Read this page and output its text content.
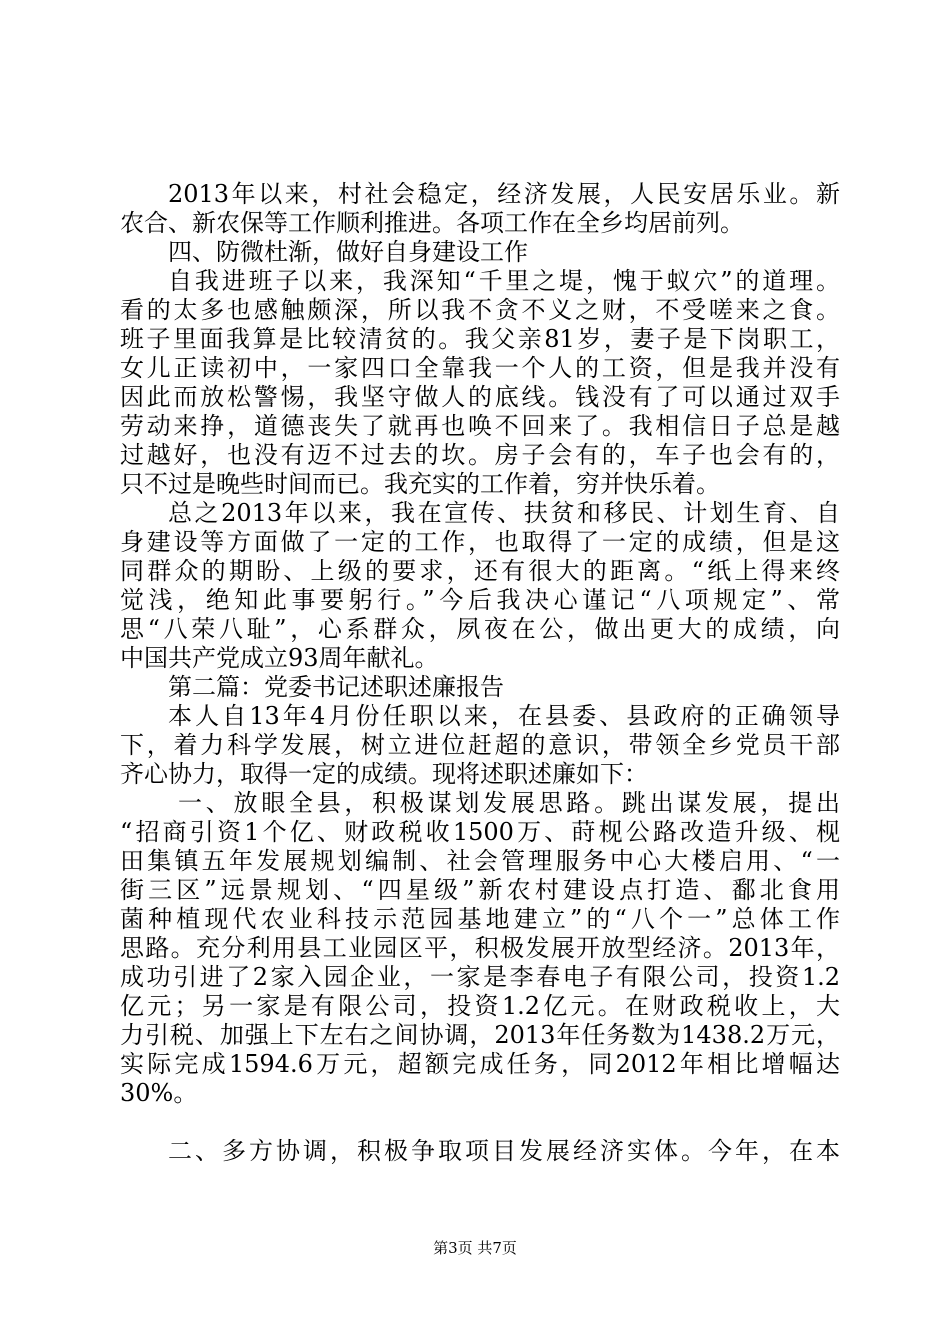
2013年以来，村社会稳定，经济发展，人民安居乐业。新
农合、新农保等工作顺利推进。各项工作在全乡均居前列。
四、防微杜渐，做好自身建设工作
自我进班子以来，我深知“千里之堤，愧于蚁穴”的道理。
看的太多也感触颇深，所以我不贪不义之财，不受嗟来之食。
班子里面我算是比较清贫的。我父亲81岁，妻子是下岗职工，
女儿正读初中，一家四口全靠我一个人的工资，但是我并没有
因此而放松警惕，我坚守做人的底线。钱没有了可以通过双手
劳动来挣，道德丧失了就再也唤不回来了。我相信日子总是越
过越好，也没有迈不过去的坎。房子会有的，车子也会有的，
只不过是晚些时间而已。我充实的工作着，穷并快乐着。
总之2013年以来，我在宣传、扶贫和移民、计划生育、自
身建设等方面做了一定的工作，也取得了一定的成绩，但是这
同群众的期盼、上级的要求，还有很大的距离。“纸上得来终
觉浅，绝知此事要躬行。”今后我决心谨记“八项规定”、常
思“八荣八耻”，心系群众，夙夜在公，做出更大的成绩，向
中国共产党成立93周年献礼。
第二篇：党委书记述职述廉报告
本人自13年4月份任职以来，在县委、县政府的正确领导
下，着力科学发展，树立进位赶超的意识，带领全乡党员干部
齐心协力，取得一定的成绩。现将述职述廉如下：
一、放眼全县，积极谋划发展思路。跳出谋发展，提出
“招商引资1个亿、财政税收1500万、莳枧公路改造升级、枧
田集镇五年发展规划编制、社会管理服务中心大楼启用、“一
街三区”远景规划、“四星级”新农村建设点打造、鄱北食用
菌种植现代农业科技示范园基地建立”的“八个一”总体工作
思路。充分利用县工业园区平，积极发展开放型经济。2013年，
成功引进了2家入园企业，一家是李春电子有限公司，投资1.2
亿元；另一家是有限公司，投资1.2亿元。在财政税收上，大
力引税、加强上下左右之间协调，2013年任务数为1438.2万元，
实际完成1594.6万元，超额完成任务，同2012年相比增幅达
30%。
二、多方协调，积极争取项目发展经济实体。今年，在本
第3页 共7页
